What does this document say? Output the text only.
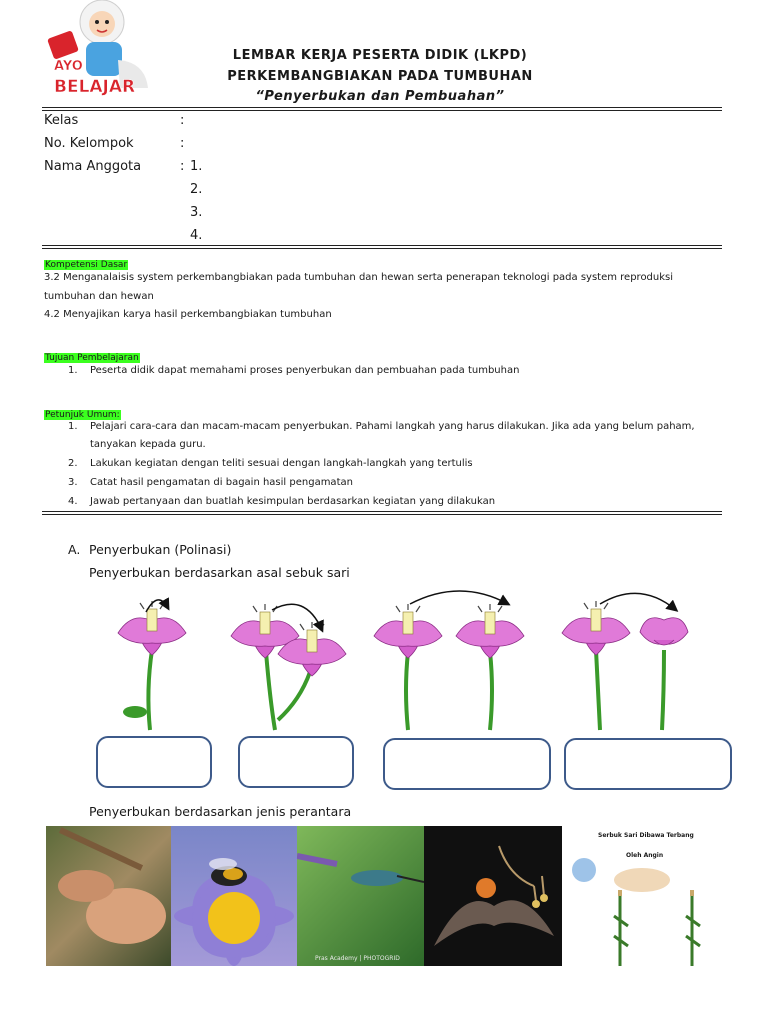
AYO
BELAJAR
LEMBAR KERJA PESERTA DIDIK (LKPD)
PERKEMBANGBIAKAN PADA TUMBUHAN
“Penyerbukan dan Pembuahan”
Kelas	:
No. Kelompok	:
Nama Anggota	: 1.
2.
3.
4.
Kompetensi Dasar
3.2 Menganalaisis system perkembangbiakan pada tumbuhan dan hewan serta penerapan teknologi pada system reproduksi
tumbuhan dan hewan
4.2 Menyajikan karya hasil perkembangbiakan tumbuhan
Tujuan Pembelajaran
1. Peserta didik dapat memahami proses penyerbukan dan pembuahan pada tumbuhan
Petunjuk Umum:
1. Pelajari cara-cara dan macam-macam penyerbukan. Pahami langkah yang harus dilakukan. Jika ada yang belum paham,
tanyakan kepada guru.
2. Lakukan kegiatan dengan teliti sesuai dengan langkah-langkah yang tertulis
3. Catat hasil pengamatan di bagain hasil pengamatan
4. Jawab pertanyaan dan buatlah kesimpulan berdasarkan kegiatan yang dilakukan
A. Penyerbukan (Polinasi)
Penyerbukan berdasarkan asal sebuk sari
Penyerbukan berdasarkan jenis perantara
Pras Academy | PHOTOGRID
Serbuk Sari Dibawa Terbang
Oleh Angin
